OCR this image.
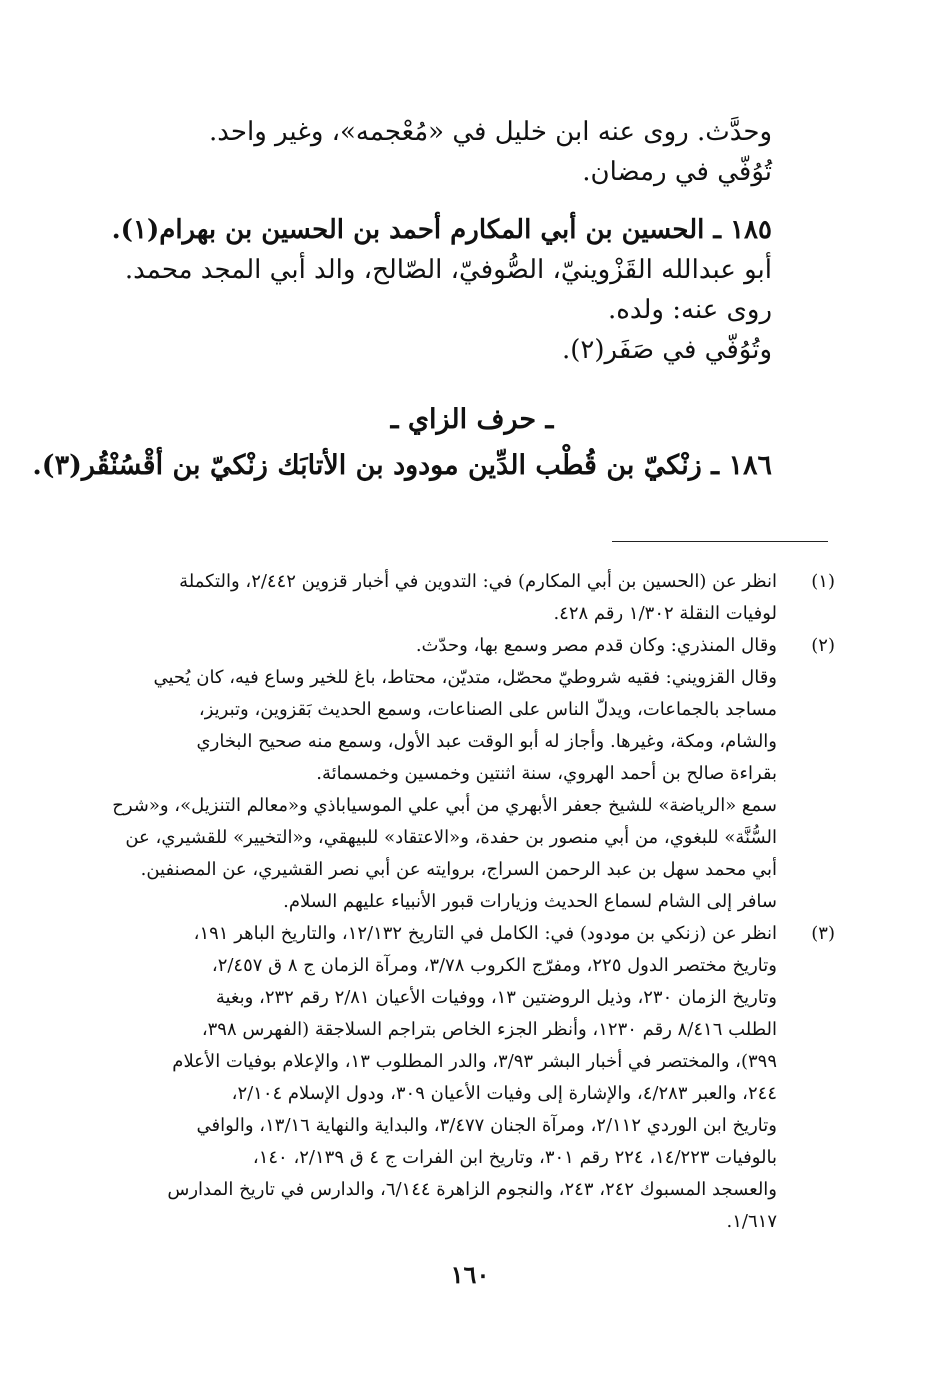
وحدَّث. روى عنه ابن خليل في «مُعْجمه»، وغير واحد.

تُوُفّي في رمضان.

١٨٥ ـ الحسين بن أبي المكارم أحمد بن الحسين بن بهرام(١).

أبو عبدالله القَزْوينيّ، الصُّوفيّ، الصّالح، والد أبي المجد محمد.

روى عنه: ولده.

وتُوُفّي في صَفَر(٢).

ـ حرف الزاي ـ

١٨٦ ـ زنْكيّ بن قُطْب الدِّين مودود بن الأتابَك زنْكيّ بن أقْسُنْقُر(٣).

(١)

انظر عن (الحسين بن أبي المكارم) في: التدوين في أخبار قزوين ٢/٤٤٢، والتكملة

لوفيات النقلة ١/٣٠٢ رقم ٤٢٨.

(٢)

وقال المنذري: وكان قدم مصر وسمع بها، وحدّث.

وقال القزويني: فقيه شروطيّ محصّل، متديّن، محتاط، باغ للخير وساع فيه، كان يُحيي

مساجد بالجماعات، ويدلّ الناس على الصناعات، وسمع الحديث بَقزوين، وتبريز،

والشام، ومكة، وغيرها. وأجاز له أبو الوقت عبد الأول، وسمع منه صحيح البخاري

بقراءة صالح بن أحمد الهروي، سنة اثنتين وخمسين وخمسمائة.

سمع «الرياضة» للشيخ جعفر الأبهري من أبي علي الموسياباذي و«معالم التنزيل»، و«شرح

السُّنَّة» للبغوي، من أبي منصور بن حفدة، و«الاعتقاد» للبيهقي، و«التخيير» للقشيري، عن

أبي محمد سهل بن عبد الرحمن السراج، بروايته عن أبي نصر القشيري، عن المصنفين.

سافر إلى الشام لسماع الحديث وزيارات قبور الأنبياء عليهم السلام.

(٣)

انظر عن (زنكي بن مودود) في: الكامل في التاريخ ١٢/١٣٢، والتاريخ الباهر ١٩١،

وتاريخ مختصر الدول ٢٢٥، ومفرّج الكروب ٣/٧٨، ومرآة الزمان ج ٨ ق ٢/٤٥٧،

وتاريخ الزمان ٢٣٠، وذيل الروضتين ١٣، ووفيات الأعيان ٢/٨١ رقم ٢٣٢، وبغية

الطلب ٨/٤١٦ رقم ١٢٣٠، وأنظر الجزء الخاص بتراجم السلاجقة (الفهرس ٣٩٨،

٣٩٩)، والمختصر في أخبار البشر ٣/٩٣، والدر المطلوب ١٣، والإعلام بوفيات الأعلام

٢٤٤، والعبر ٤/٢٨٣، والإشارة إلى وفيات الأعيان ٣٠٩، ودول الإسلام ٢/١٠٤،

وتاريخ ابن الوردي ٢/١١٢، ومرآة الجنان ٣/٤٧٧، والبداية والنهاية ١٣/١٦، والوافي

بالوفيات ١٤/٢٢٣، ٢٢٤ رقم ٣٠١، وتاريخ ابن الفرات ج ٤ ق ٢/١٣٩، ١٤٠،

والعسجد المسبوك ٢٤٢، ٢٤٣، والنجوم الزاهرة ٦/١٤٤، والدارس في تاريخ المدارس

١/٦١٧.

١٦٠
